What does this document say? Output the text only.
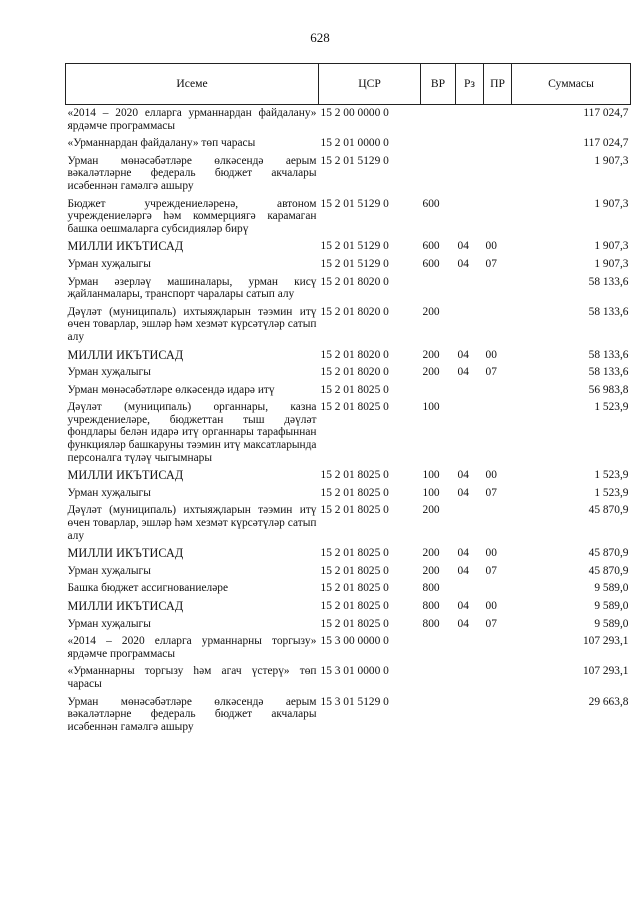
628
Исеме	ЦСР	ВР	Рз	ПР	Суммасы
«2014 – 2020 елларга урманнардан файдалану» ярдәмче программасы	15 2 00 0000 0				117 024,7
«Урманнардан файдалану» төп чарасы	15 2 01 0000 0				117 024,7
Урман мөнәсәбәтләре өлкәсендә аерым вәкаләтләрне федераль бюджет акчалары исәбеннән гамәлгә ашыру	15 2 01 5129 0				1 907,3
Бюджет учреждениеләренә, автоном учреждениеләргә һәм коммерциягә карамаган башка оешмаларга субсидияләр бирү	15 2 01 5129 0	600			1 907,3
МИЛЛИ ИКЪТИСАД	15 2 01 5129 0	600	04	00	1 907,3
Урман хуҗалыгы	15 2 01 5129 0	600	04	07	1 907,3
Урман әзерләү машиналары, урман кисү җайланмалары, транспорт чаралары сатып алу	15 2 01 8020 0				58 133,6
Дәүләт (муниципаль) ихтыяҗларын тәэмин итү өчен товарлар, эшләр һәм хезмәт күрсәтүләр сатып алу	15 2 01 8020 0	200			58 133,6
МИЛЛИ ИКЪТИСАД	15 2 01 8020 0	200	04	00	58 133,6
Урман хуҗалыгы	15 2 01 8020 0	200	04	07	58 133,6
Урман мөнәсәбәтләре өлкәсендә идарә итү	15 2 01 8025 0				56 983,8
Дәүләт (муниципаль) органнары, казна учреждениеләре, бюджеттан тыш дәүләт фондлары белән идарә итү органнары тарафыннан функцияләр башкаруны тәэмин итү максатларында персоналга түләү чыгымнары	15 2 01 8025 0	100			1 523,9
МИЛЛИ ИКЪТИСАД	15 2 01 8025 0	100	04	00	1 523,9
Урман хуҗалыгы	15 2 01 8025 0	100	04	07	1 523,9
Дәүләт (муниципаль) ихтыяҗларын тәэмин итү өчен товарлар, эшләр һәм хезмәт күрсәтүләр сатып алу	15 2 01 8025 0	200			45 870,9
МИЛЛИ ИКЪТИСАД	15 2 01 8025 0	200	04	00	45 870,9
Урман хуҗалыгы	15 2 01 8025 0	200	04	07	45 870,9
Башка бюджет ассигнованиеләре	15 2 01 8025 0	800			9 589,0
МИЛЛИ ИКЪТИСАД	15 2 01 8025 0	800	04	00	9 589,0
Урман хуҗалыгы	15 2 01 8025 0	800	04	07	9 589,0
«2014 – 2020 елларга урманнарны торгызу» ярдәмче программасы	15 3 00 0000 0				107 293,1
«Урманнарны торгызу һәм агач үстерү» төп чарасы	15 3 01 0000 0				107 293,1
Урман мөнәсәбәтләре өлкәсендә аерым вәкаләтләрне федераль бюджет акчалары исәбеннән гамәлгә ашыру	15 3 01 5129 0				29 663,8
